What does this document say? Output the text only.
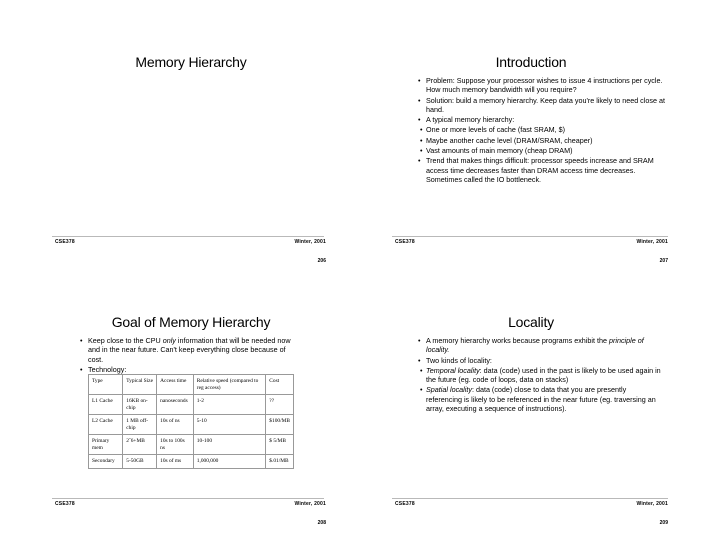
Memory Hierarchy
CSE378	Winter, 2001
206
Introduction
• Problem: Suppose your processor wishes to issue 4 instructions per cycle. How much memory bandwidth will you require?
• Solution: build a memory hierarchy. Keep data you're likely to need close at hand.
• A typical memory hierarchy:
• One or more levels of cache (fast SRAM, $)
• Maybe another cache level (DRAM/SRAM, cheaper)
• Vast amounts of main memory (cheap DRAM)
• Trend that makes things difficult: processor speeds increase and SRAM access time decreases faster than DRAM access time decreases. Sometimes called the IO bottleneck.
CSE378	Winter, 2001
207
Goal of Memory Hierarchy
• Keep close to the CPU only information that will be needed now and in the near future. Can't keep everything close because of cost.
• Technology:
Type	Typical Size	Access time	Relative speed (compared to reg access)	Cost
L1 Cache	16KB on-chip	nanoseconds	1-2	??
L2 Cache	1 MB off-chip	10s of ns	5-10	$100/MB
Primary mem	2ˆ6+MB	10s to 100s ns	10-100	$ 5/MB
Secondary	5-50GB	10s of ms	1,000,000	$.01/MB
CSE378	Winter, 2001
208
Locality
• A memory hierarchy works because programs exhibit the principle of locality.
• Two kinds of locality:
• Temporal locality: data (code) used in the past is likely to be used again in the future (eg. code of loops, data on stacks)
• Spatial locality: data (code) close to data that you are presently referencing is likely to be referenced in the near future (eg. traversing an array, executing a sequence of instructions).
CSE378	Winter, 2001
209
